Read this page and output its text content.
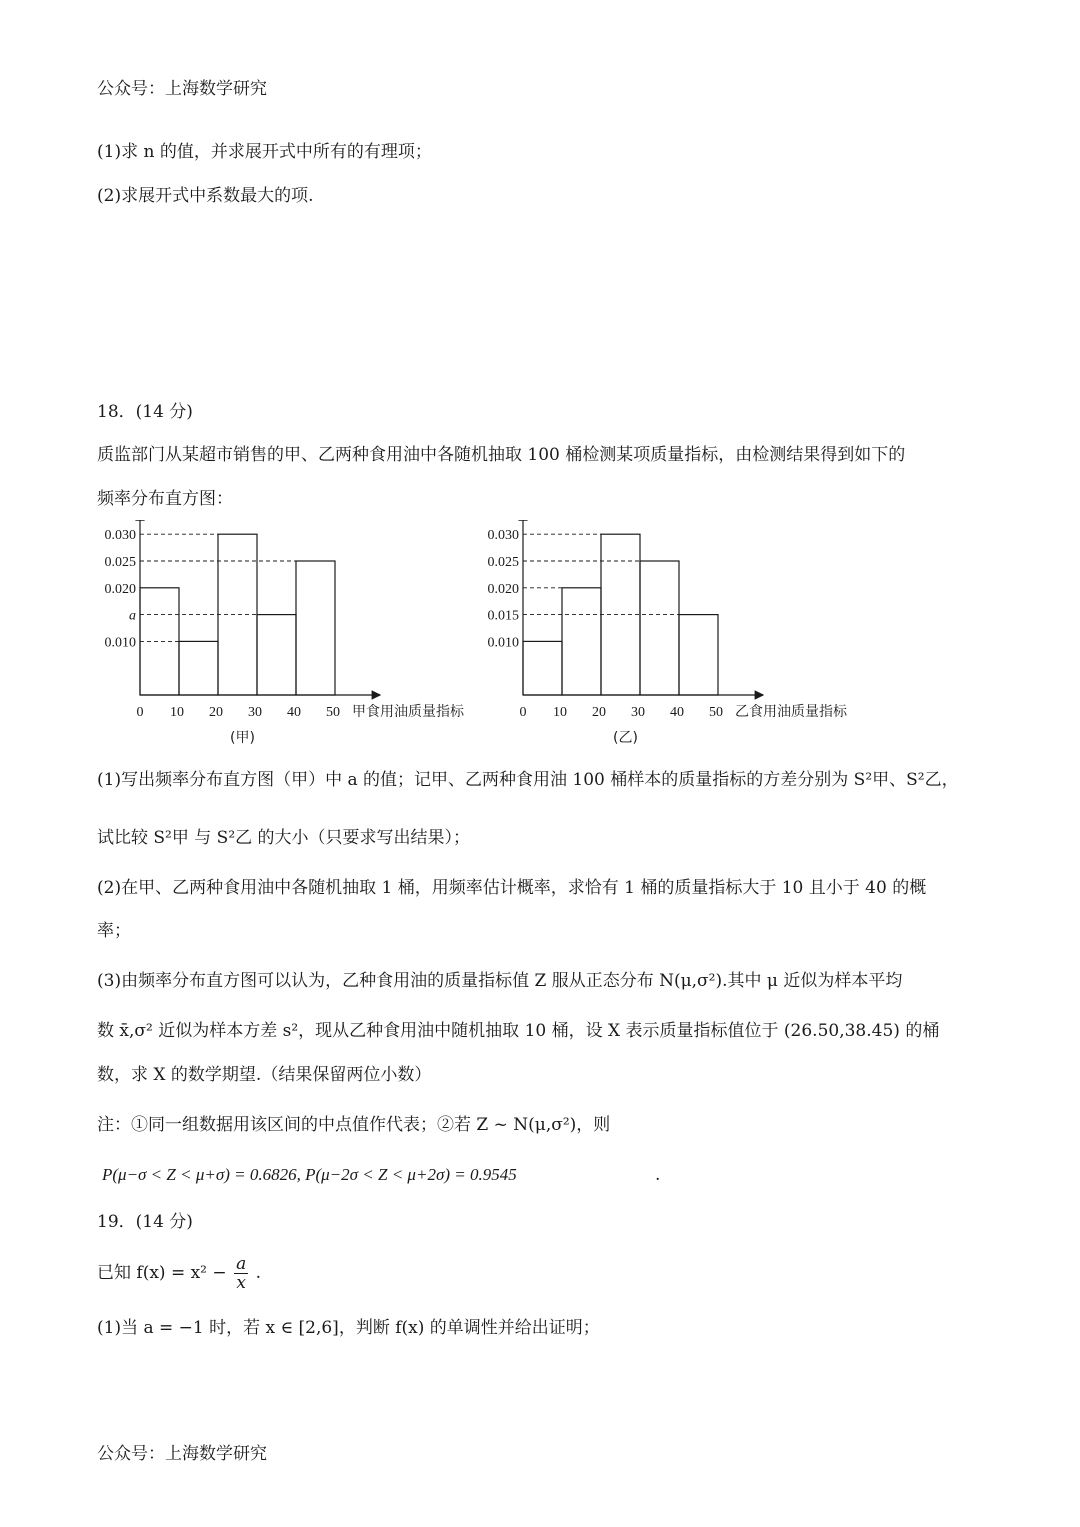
公众号：上海数学研究
(1)求 n 的值，并求展开式中所有的有理项；
(2)求展开式中系数最大的项.
18．(14 分)
质监部门从某超市销售的甲、乙两种食用油中各随机抽取 100 桶检测某项质量指标，由检测结果得到如下的
频率分布直方图：
0.020
0.010
0.030
a
0.025
0 10 20 30 40 50 甲食用油质量指标
(甲)
0.010
0.020
0.030
0.025
0.015
0 10 20 30 40 50 乙食用油质量指标
(乙)
(1)写出频率分布直方图（甲）中 a 的值；记甲、乙两种食用油 100 桶样本的质量指标的方差分别为 S²甲、S²乙，
试比较 S²甲 与 S²乙 的大小（只要求写出结果）；
(2)在甲、乙两种食用油中各随机抽取 1 桶，用频率估计概率，求恰有 1 桶的质量指标大于 10 且小于 40 的概
率；
(3)由频率分布直方图可以认为，乙种食用油的质量指标值 Z 服从正态分布 N(μ,σ²).其中 μ 近似为样本平均
数 x̄,σ² 近似为样本方差 s²，现从乙种食用油中随机抽取 10 桶，设 X 表示质量指标值位于 (26.50,38.45) 的桶
数，求 X 的数学期望.（结果保留两位小数）
注：①同一组数据用该区间的中点值作代表；②若 Z ~ N(μ,σ²)，则
P(μ−σ < Z < μ+σ) = 0.6826, P(μ−2σ < Z < μ+2σ) = 0.9545	.
19．(14 分)
已知 $f(x) = x^2 - \frac{a}{x}$ .
(1)当 a = −1 时，若 x ∈ [2,6]，判断 f(x) 的单调性并给出证明；
公众号：上海数学研究
